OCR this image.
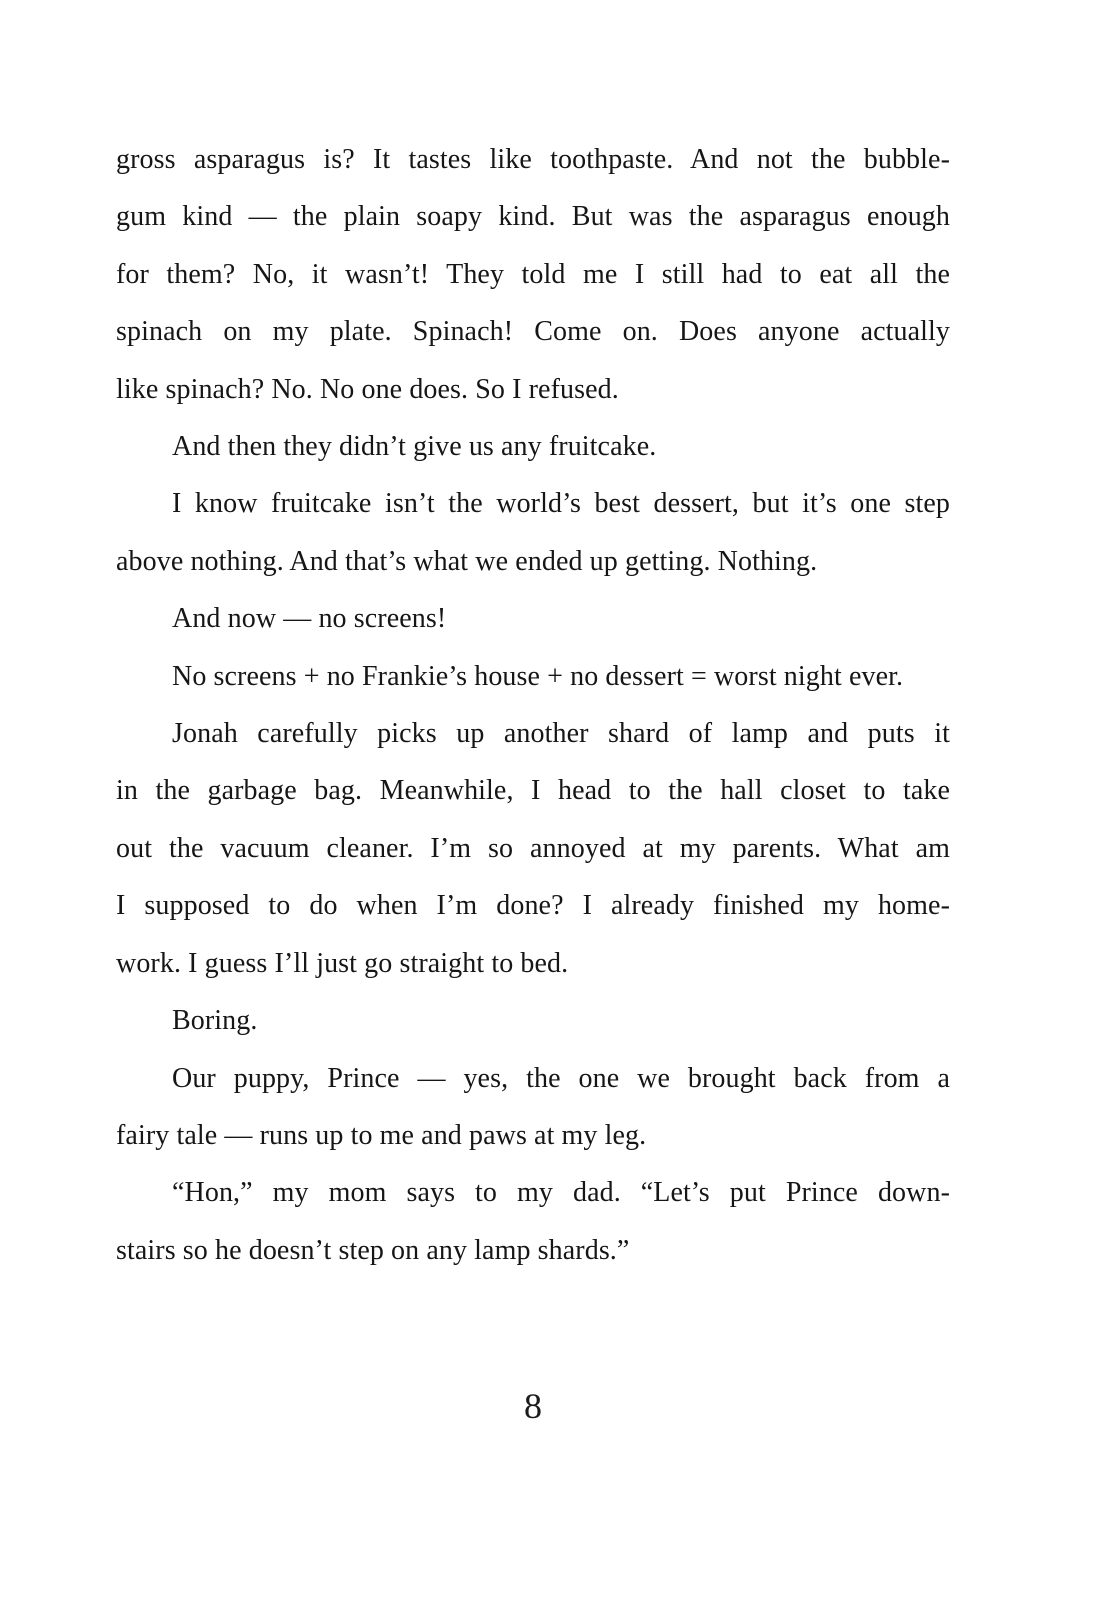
gross asparagus is? It tastes like toothpaste. And not the bubble-
gum kind — the plain soapy kind. But was the asparagus enough
for them? No, it wasn’t! They told me I still had to eat all the
spinach on my plate. Spinach! Come on. Does anyone actually
like spinach? No. No one does. So I refused.
And then they didn’t give us any fruitcake.
I know fruitcake isn’t the world’s best dessert, but it’s one step
above nothing. And that’s what we ended up getting. Nothing.
And now — no screens!
No screens + no Frankie’s house + no dessert = worst night ever.
Jonah carefully picks up another shard of lamp and puts it
in the garbage bag. Meanwhile, I head to the hall closet to take
out the vacuum cleaner. I’m so annoyed at my parents. What am
I supposed to do when I’m done? I already finished my home-
work. I guess I’ll just go straight to bed.
Boring.
Our puppy, Prince — yes, the one we brought back from a
fairy tale — runs up to me and paws at my leg.
“Hon,” my mom says to my dad. “Let’s put Prince down-
stairs so he doesn’t step on any lamp shards.”
8
